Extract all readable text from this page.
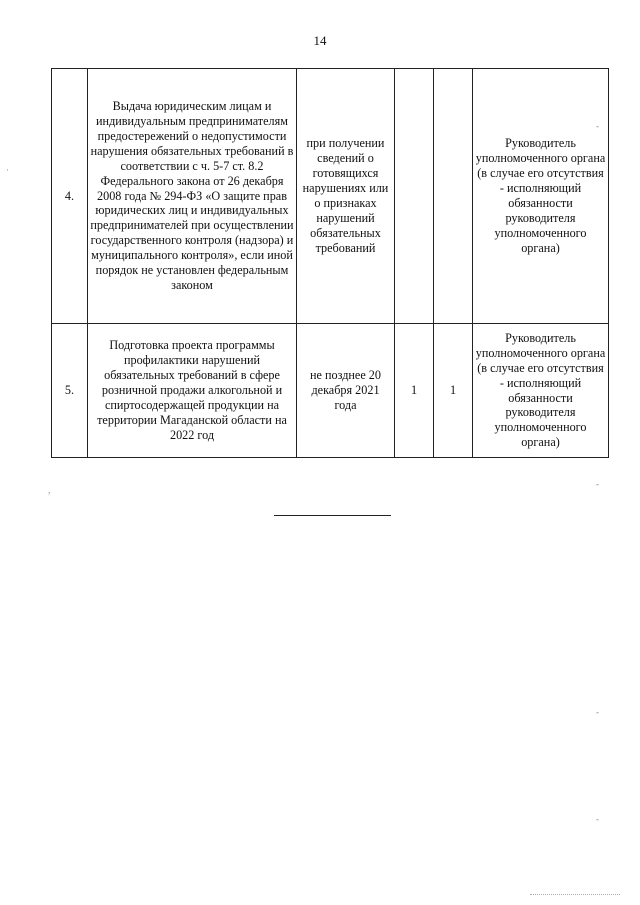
14
4.	Выдача юридическим лицам и индивидуальным предпринимателям предостережений о недопустимости нарушения обязательных требований в соответствии с ч. 5-7 ст. 8.2 Федерального закона от 26 декабря 2008 года № 294-ФЗ «О защите прав юридических лиц и индивидуальных предпринимателей при осуществлении государственного контроля (надзора) и муниципального контроля», если иной порядок не установлен федеральным законом	при получении сведений о готовящихся нарушениях или о признаках нарушений обязательных требований			Руководитель уполномоченного органа (в случае его отсутствия - исполняющий обязанности руководителя уполномоченного органа)
5.	Подготовка проекта программы профилактики нарушений обязательных требований в сфере розничной продажи алкогольной и спиртосодержащей продукции на территории Магаданской области на 2022 год	не позднее 20 декабря 2021 года	1	1	Руководитель уполномоченного органа (в случае его отсутствия - исполняющий обязанности руководителя уполномоченного органа)
·
-
,
-
-
-
